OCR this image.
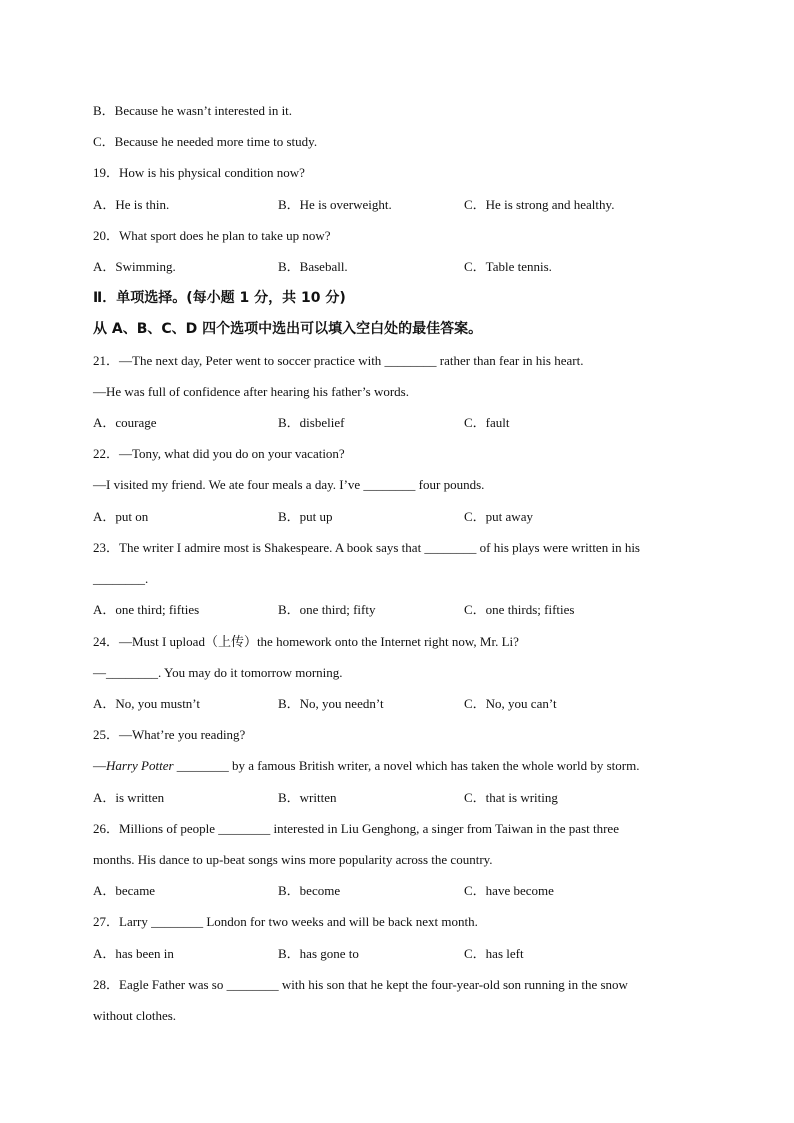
B．Because he wasn’t interested in it.
C．Because he needed more time to study.
19．How is his physical condition now?
A．He is thin.	B．He is overweight.	C．He is strong and healthy.
20．What sport does he plan to take up now?
A．Swimming.	B．Baseball.	C．Table tennis.
Ⅱ．单项选择。(每小题 1 分，共 10 分)
从 A、B、C、D 四个选项中选出可以填入空白处的最佳答案。
21．—The next day, Peter went to soccer practice with ________ rather than fear in his heart.
—He was full of confidence after hearing his father’s words.
A．courage	B．disbelief	C．fault
22．—Tony, what did you do on your vacation?
—I visited my friend. We ate four meals a day. I’ve ________ four pounds.
A．put on	B．put up	C．put away
23．The writer I admire most is Shakespeare. A book says that ________ of his plays were written in his
________.
A．one third; fifties	B．one third; fifty	C．one thirds; fifties
24．—Must I upload（上传）the homework onto the Internet right now, Mr. Li?
—________. You may do it tomorrow morning.
A．No, you mustn’t	B．No, you needn’t	C．No, you can’t
25．—What’re you reading?
—Harry Potter ________ by a famous British writer, a novel which has taken the whole world by storm.
A．is written	B．written	C．that is writing
26．Millions of people ________ interested in Liu Genghong, a singer from Taiwan in the past three
months. His dance to up-beat songs wins more popularity across the country.
A．became	B．become	C．have become
27．Larry ________ London for two weeks and will be back next month.
A．has been in	B．has gone to	C．has left
28．Eagle Father was so ________ with his son that he kept the four-year-old son running in the snow
without clothes.
